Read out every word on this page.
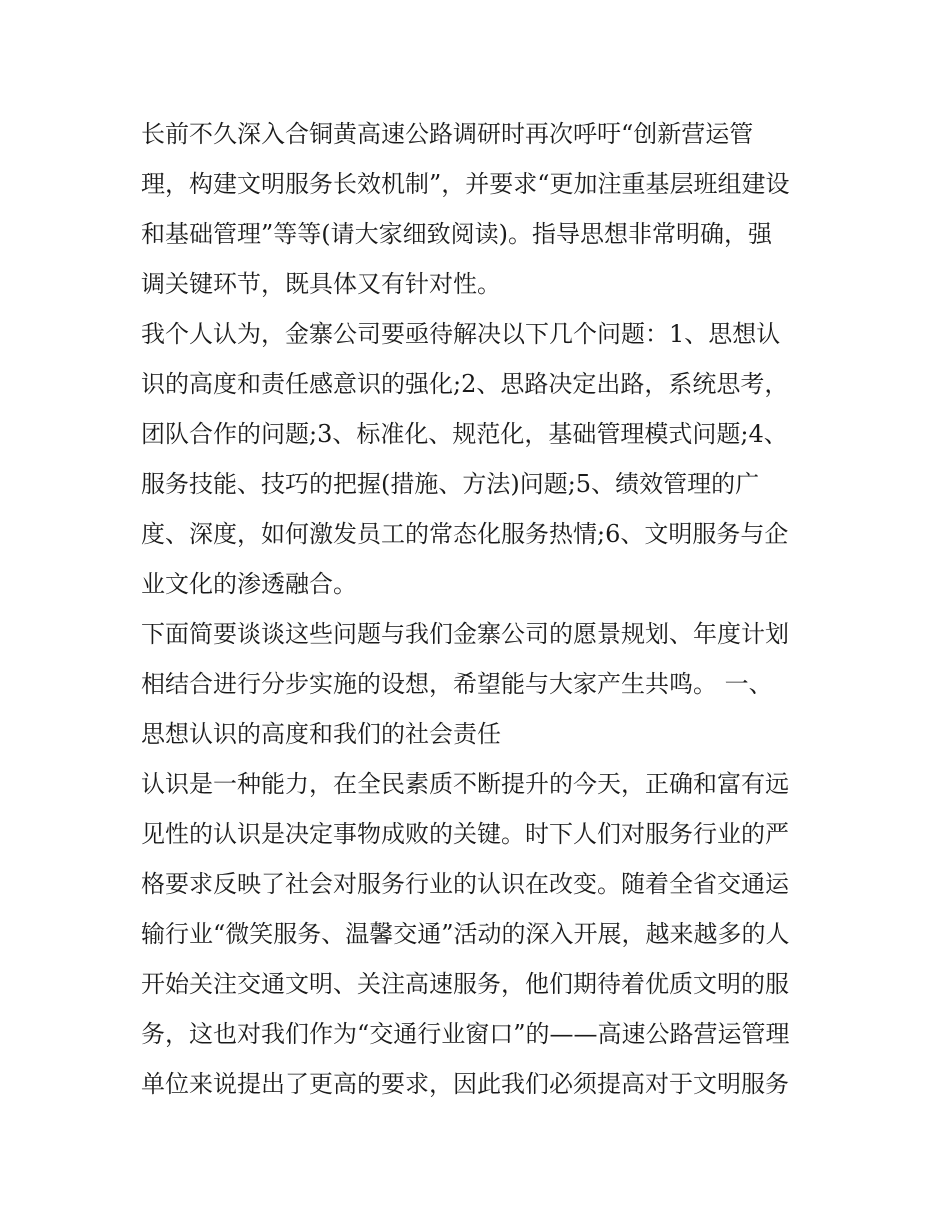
长前不久深入合铜黄高速公路调研时再次呼吁“创新营运管
理，构建文明服务长效机制”，并要求“更加注重基层班组建设
和基础管理”等等(请大家细致阅读)。指导思想非常明确，强
调关键环节，既具体又有针对性。
我个人认为，金寨公司要亟待解决以下几个问题：1、思想认
识的高度和责任感意识的强化;2、思路决定出路，系统思考，
团队合作的问题;3、标准化、规范化，基础管理模式问题;4、
服务技能、技巧的把握(措施、方法)问题;5、绩效管理的广
度、深度，如何激发员工的常态化服务热情;6、文明服务与企
业文化的渗透融合。
下面简要谈谈这些问题与我们金寨公司的愿景规划、年度计划
相结合进行分步实施的设想，希望能与大家产生共鸣。 一、
思想认识的高度和我们的社会责任
认识是一种能力，在全民素质不断提升的今天，正确和富有远
见性的认识是决定事物成败的关键。时下人们对服务行业的严
格要求反映了社会对服务行业的认识在改变。随着全省交通运
输行业“微笑服务、温馨交通”活动的深入开展，越来越多的人
开始关注交通文明、关注高速服务，他们期待着优质文明的服
务，这也对我们作为“交通行业窗口”的——高速公路营运管理
单位来说提出了更高的要求，因此我们必须提高对于文明服务
